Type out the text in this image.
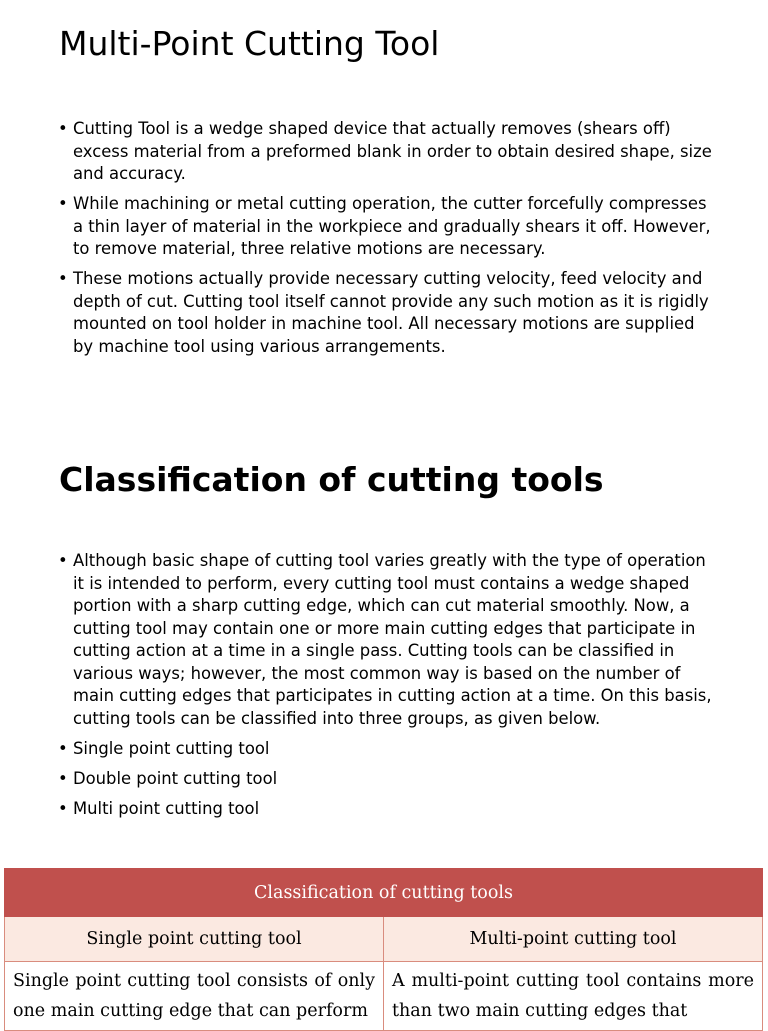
Multi-Point Cutting Tool
• Cutting Tool is a wedge shaped device that actually removes (shears off) excess material from a preformed blank in order to obtain desired shape, size and accuracy.
• While machining or metal cutting operation, the cutter forcefully compresses a thin layer of material in the workpiece and gradually shears it off. However, to remove material, three relative motions are necessary.
• These motions actually provide necessary cutting velocity, feed velocity and depth of cut. Cutting tool itself cannot provide any such motion as it is rigidly mounted on tool holder in machine tool. All necessary motions are supplied by machine tool using various arrangements.
Classification of cutting tools
• Although basic shape of cutting tool varies greatly with the type of operation it is intended to perform, every cutting tool must contains a wedge shaped portion with a sharp cutting edge, which can cut material smoothly. Now, a cutting tool may contain one or more main cutting edges that participate in cutting action at a time in a single pass. Cutting tools can be classified in various ways; however, the most common way is based on the number of main cutting edges that participates in cutting action at a time. On this basis, cutting tools can be classified into three groups, as given below.
• Single point cutting tool
• Double point cutting tool
• Multi point cutting tool
Classification of cutting tools	
Single point cutting tool	Multi-point cutting tool
Single point cutting tool consists of only one main cutting edge that can perform	A multi-point cutting tool contains more than two main cutting edges that
